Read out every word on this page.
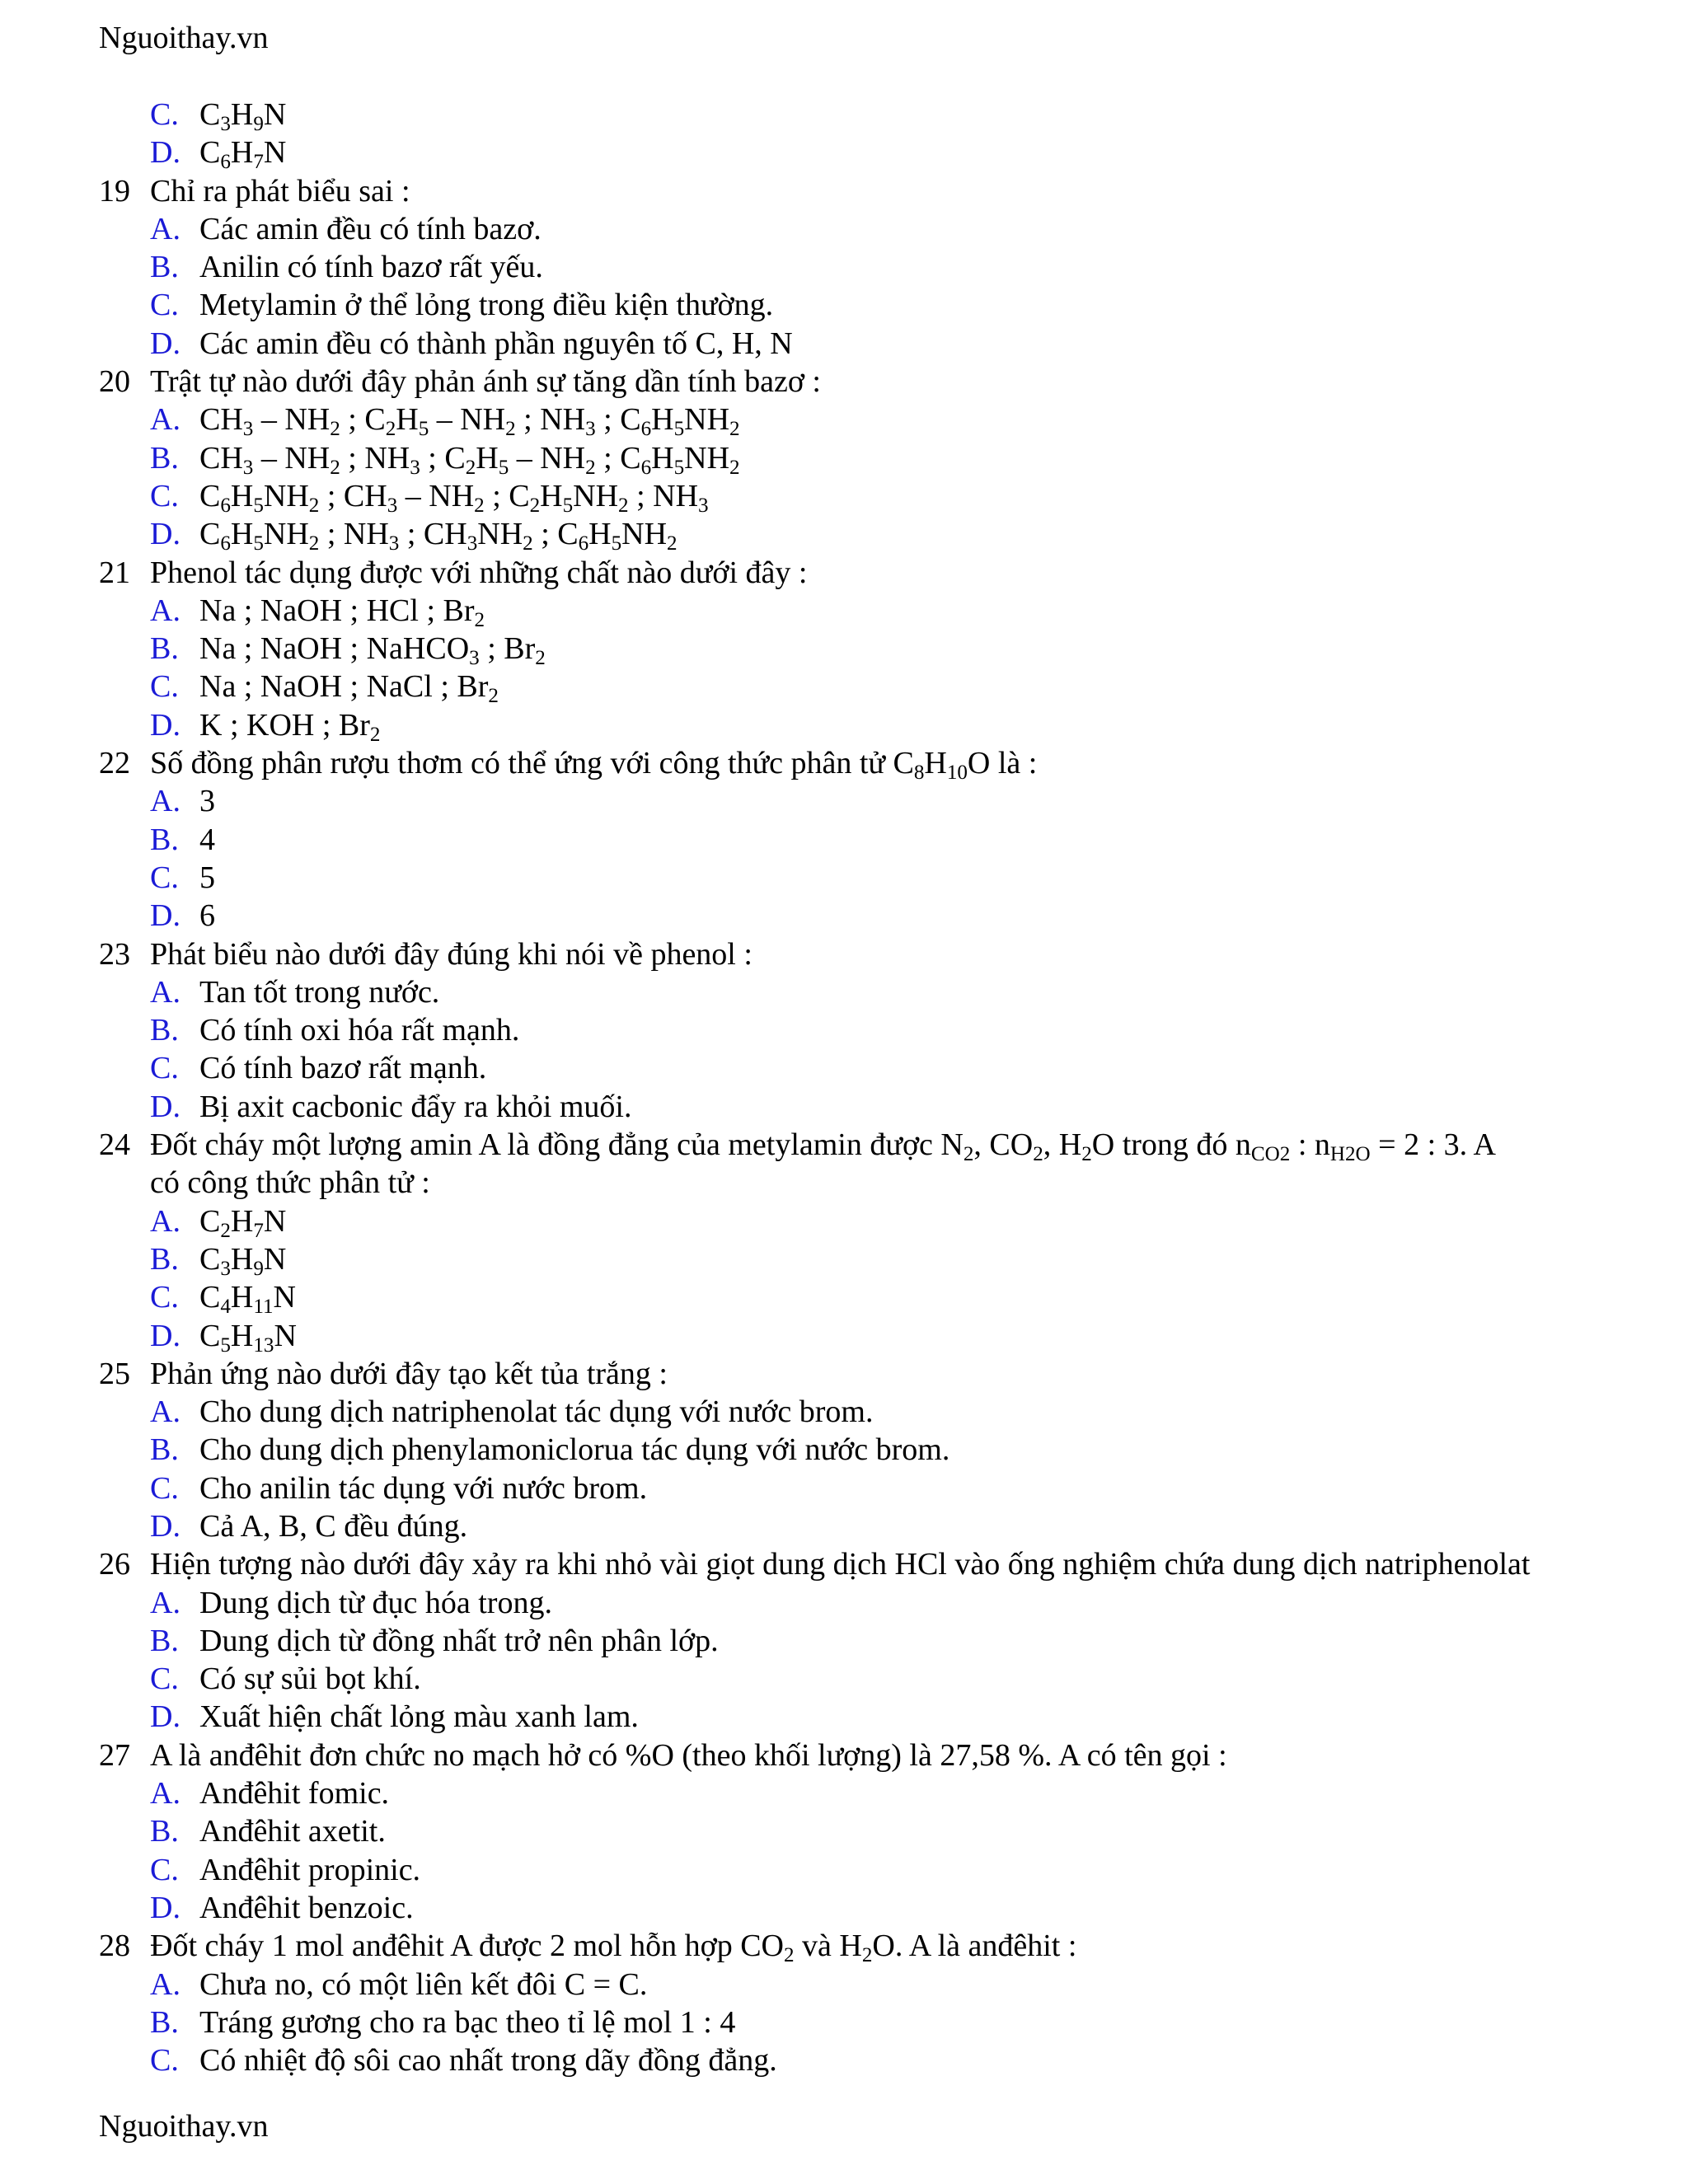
Nguoithay.vn
C. $C_3H_9N$
D. $C_6H_7N$
19 Chỉ ra phát biểu sai :
A. Các amin đều có tính bazơ.
B. Anilin có tính bazơ rất yếu.
C. Metylamin ở thể lỏng trong điều kiện thường.
D. Các amin đều có thành phần nguyên tố C, H, N
20 Trật tự nào dưới đây phản ánh sự tăng dần tính bazơ :
A. $CH_3 - NH_2$ ; $C_2H_5 - NH_2$ ; $NH_3$ ; $C_6H_5NH_2$
B. $CH_3 - NH_2$ ; $NH_3$ ; $C_2H_5 - NH_2$ ; $C_6H_5NH_2$
C. $C_6H_5NH_2$ ; $CH_3 - NH_2$ ; $C_2H_5NH_2$ ; $NH_3$
D. $C_6H_5NH_2$ ; $NH_3$ ; $CH_3NH_2$ ; $C_6H_5NH_2$
21 Phenol tác dụng được với những chất nào dưới đây :
A. Na ; NaOH ; HCl ; $Br_2$
B. Na ; NaOH ; NaHCO$_3$ ; $Br_2$
C. Na ; NaOH ; NaCl ; $Br_2$
D. K ; KOH ; $Br_2$
22 Số đồng phân rượu thơm có thể ứng với công thức phân tử $C_8H_{10}O$ là :
A. 3
B. 4
C. 5
D. 6
23 Phát biểu nào dưới đây đúng khi nói về phenol :
A. Tan tốt trong nước.
B. Có tính oxi hóa rất mạnh.
C. Có tính bazơ rất mạnh.
D. Bị axit cacbonic đẩy ra khỏi muối.
24 Đốt cháy một lượng amin A là đồng đẳng của metylamin được $N_2$, $CO_2$, $H_2O$ trong đó $n_{CO2}$ : $n_{H2O} = 2$ : 3. A
có công thức phân tử :
A. $C_2H_7N$
B. $C_3H_9N$
C. $C_4H_{11}N$
D. $C_5H_{13}N$
25 Phản ứng nào dưới đây tạo kết tủa trắng :
A. Cho dung dịch natriphenolat tác dụng với nước brom.
B. Cho dung dịch phenylamoniclorua tác dụng với nước brom.
C. Cho anilin tác dụng với nước brom.
D. Cả A, B, C đều đúng.
26 Hiện tượng nào dưới đây xảy ra khi nhỏ vài giọt dung dịch HCl vào ống nghiệm chứa dung dịch natriphenolat
A. Dung dịch từ đục hóa trong.
B. Dung dịch từ đồng nhất trở nên phân lớp.
C. Có sự sủi bọt khí.
D. Xuất hiện chất lỏng màu xanh lam.
27 A là anđêhit đơn chức no mạch hở có %O (theo khối lượng) là 27,58 %. A có tên gọi :
A. Anđêhit fomic.
B. Anđêhit axetit.
C. Anđêhit propinic.
D. Anđêhit benzoic.
28 Đốt cháy 1 mol anđêhit A được 2 mol hỗn hợp $CO_2$ và $H_2O$. A là anđêhit :
A. Chưa no, có một liên kết đôi C = C.
B. Tráng gương cho ra bạc theo tỉ lệ mol 1 : 4
C. Có nhiệt độ sôi cao nhất trong dãy đồng đẳng.
Nguoithay.vn
